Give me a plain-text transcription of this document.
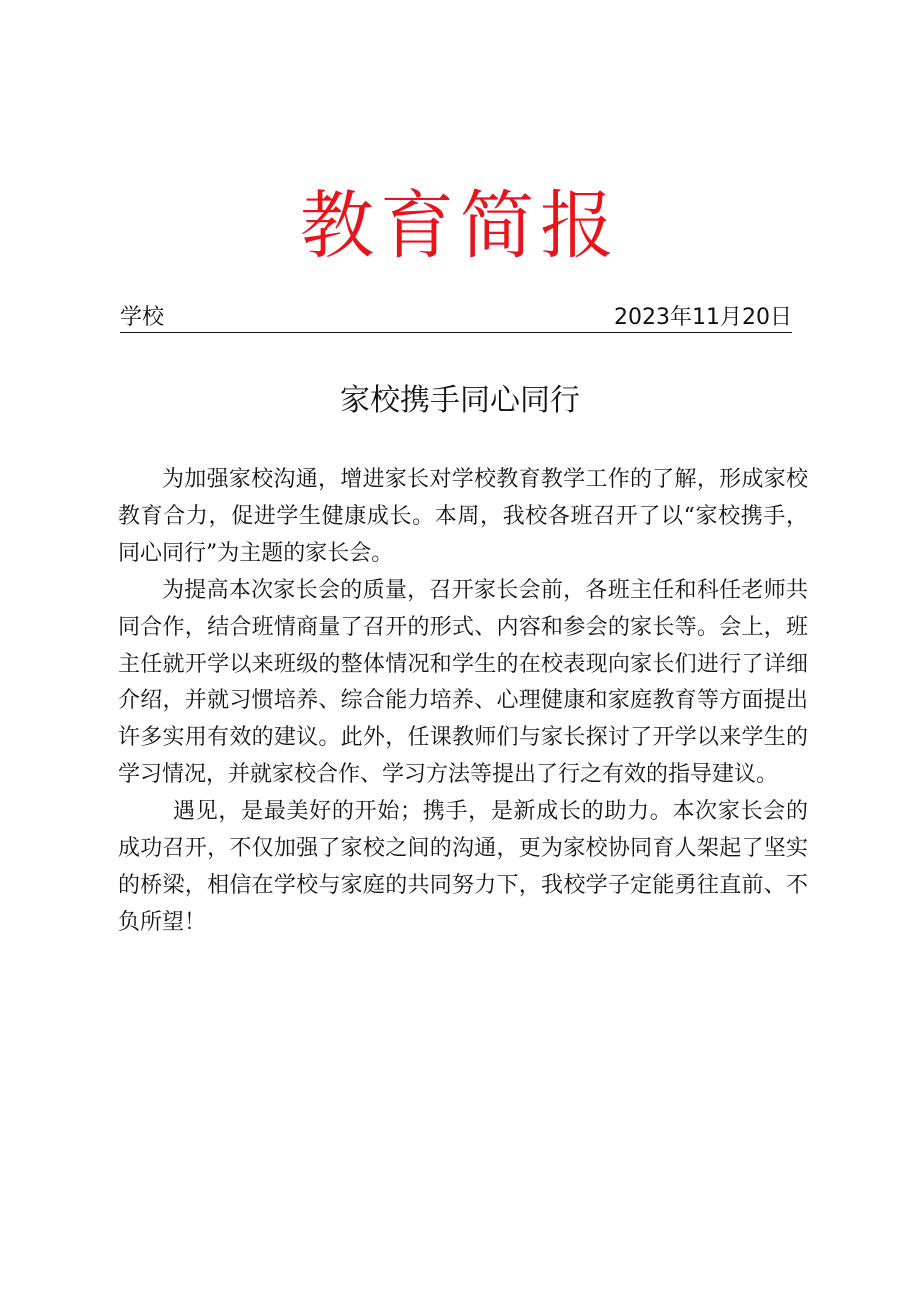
教育简报
学校	2023年11月20日
家校携手同心同行

为加强家校沟通，增进家长对学校教育教学工作的了解，形成家校教育合力，促进学生健康成长。本周，我校各班召开了以“家校携手，同心同行”为主题的家长会。

为提高本次家长会的质量，召开家长会前，各班主任和科任老师共同合作，结合班情商量了召开的形式、内容和参会的家长等。会上，班主任就开学以来班级的整体情况和学生的在校表现向家长们进行了详细介绍，并就习惯培养、综合能力培养、心理健康和家庭教育等方面提出许多实用有效的建议。此外，任课教师们与家长探讨了开学以来学生的学习情况，并就家校合作、学习方法等提出了行之有效的指导建议。

遇见，是最美好的开始；携手，是新成长的助力。本次家长会的成功召开，不仅加强了家校之间的沟通，更为家校协同育人架起了坚实的桥梁，相信在学校与家庭的共同努力下，我校学子定能勇往直前、不负所望！
